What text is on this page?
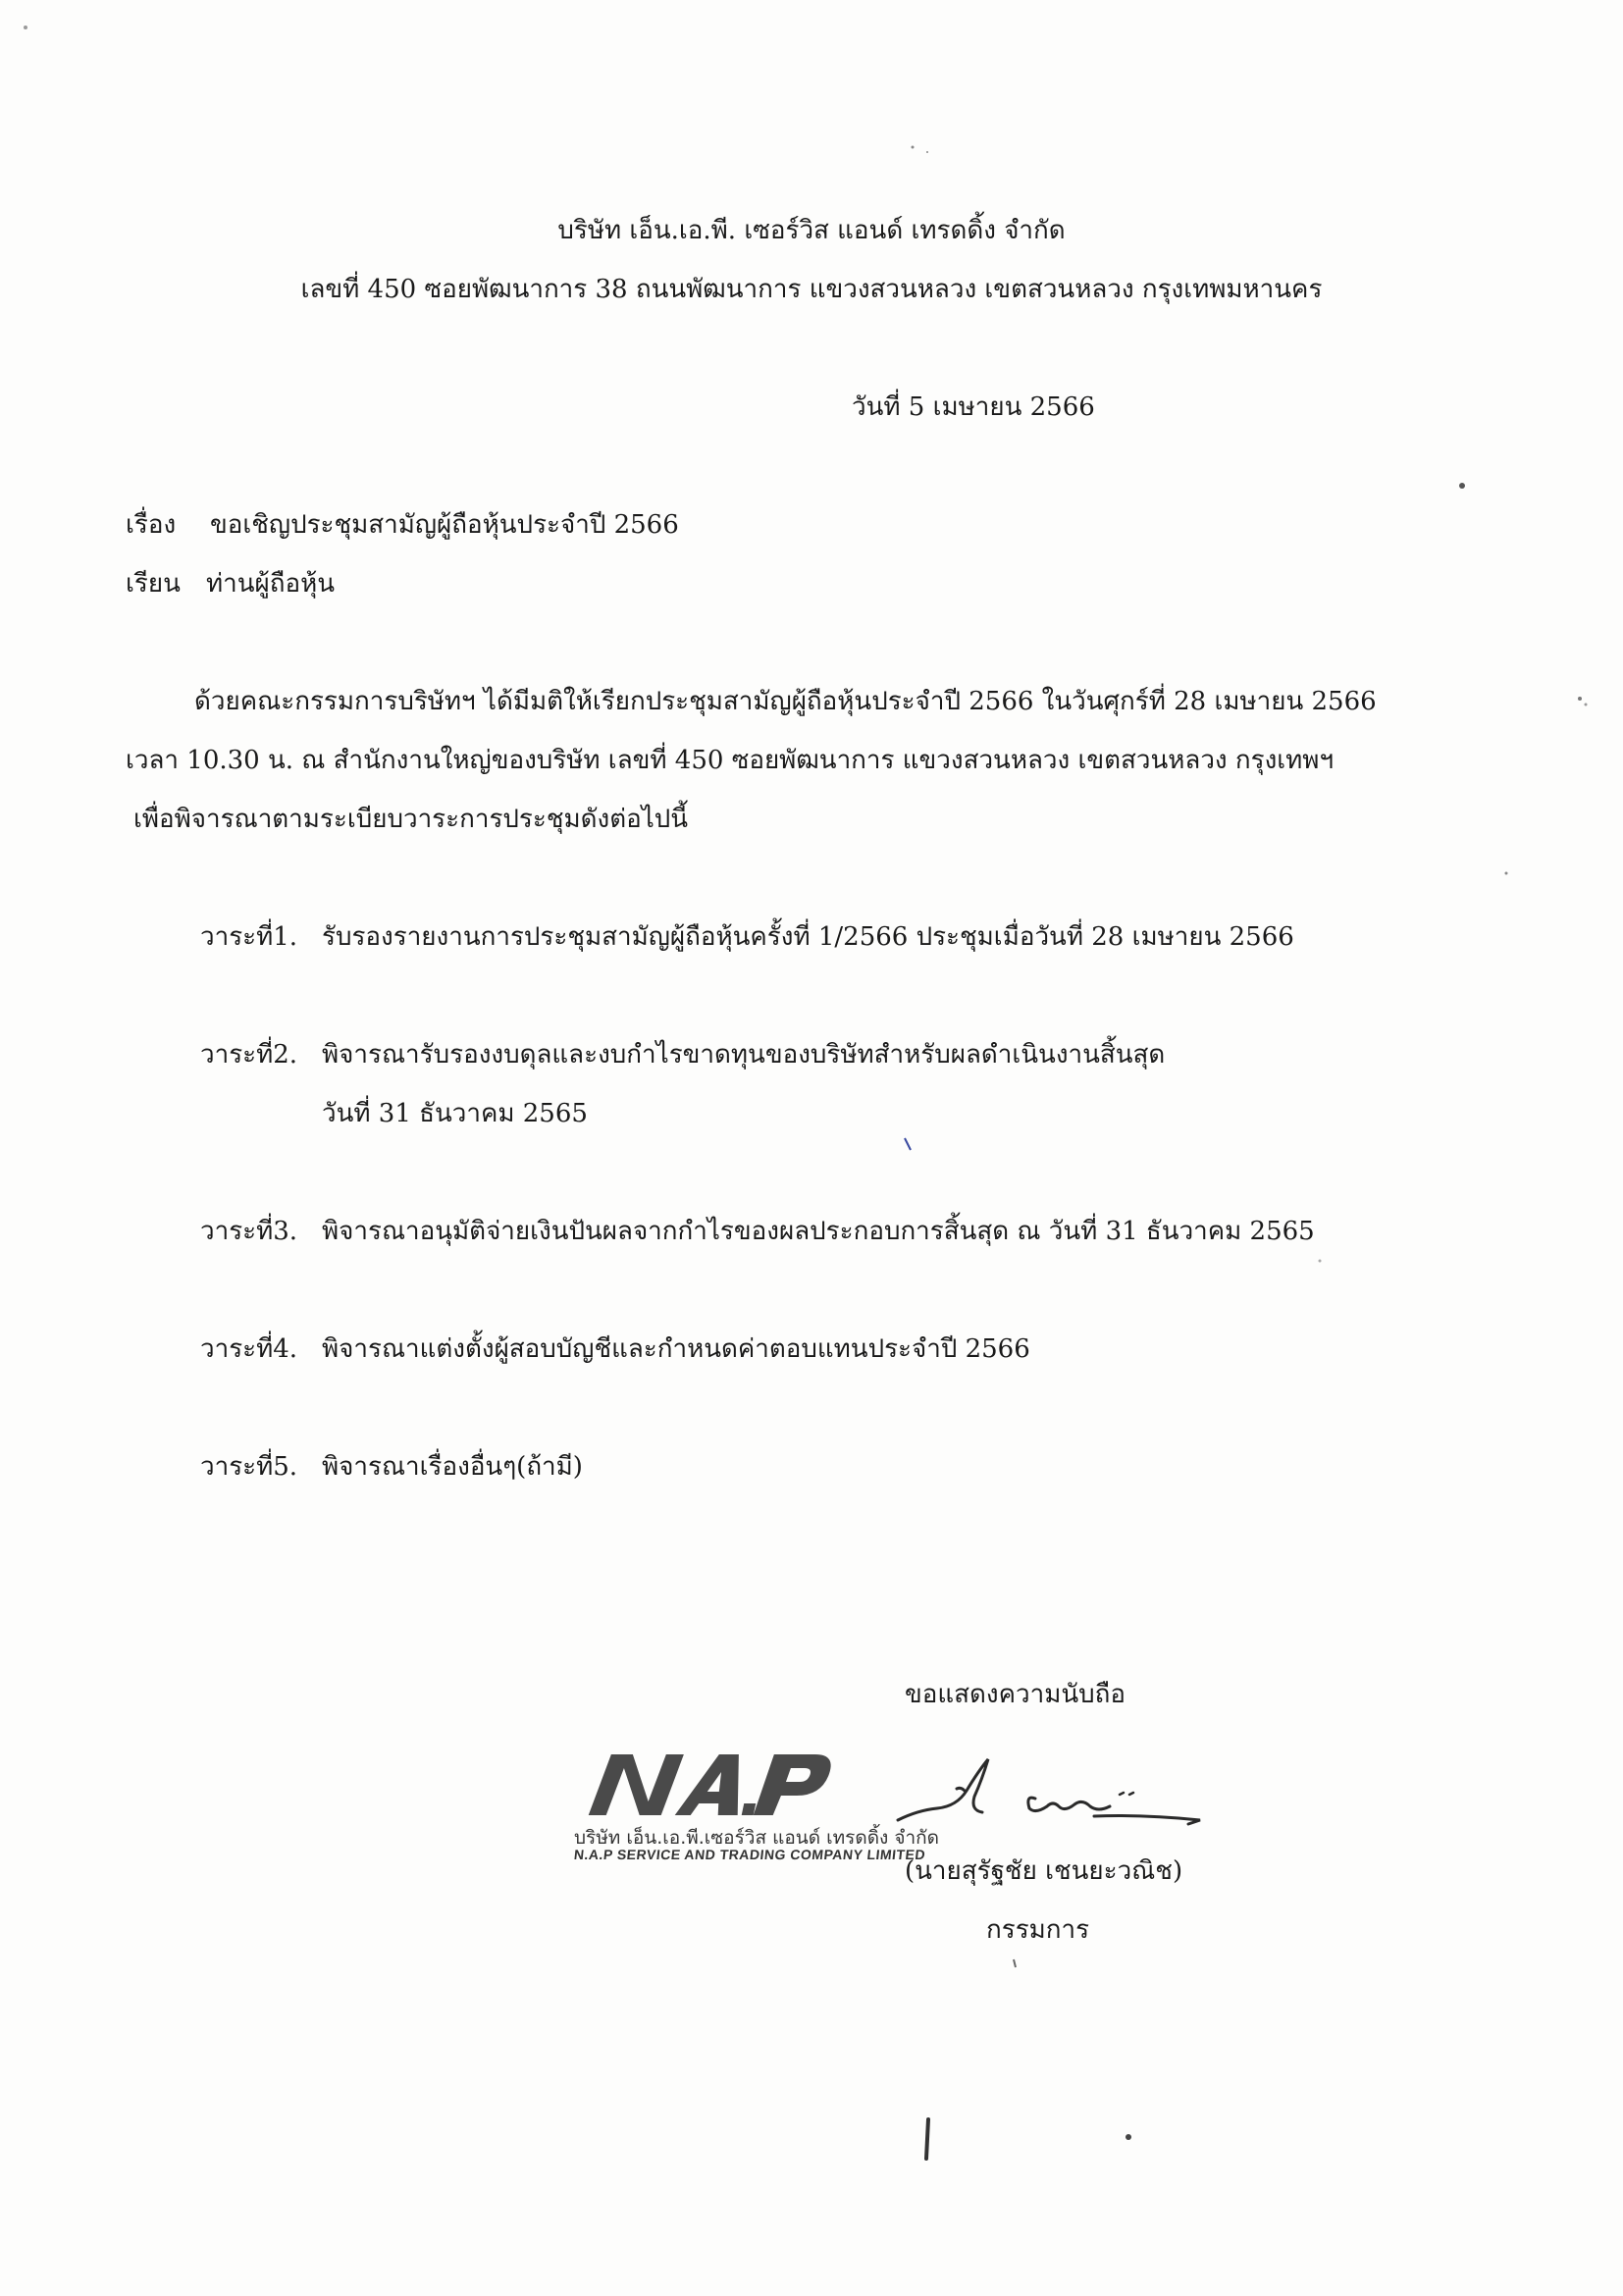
บริษัท เอ็น.เอ.พี. เซอร์วิส แอนด์ เทรดดิ้ง จำกัด
เลขที่ 450 ซอยพัฒนาการ 38 ถนนพัฒนาการ แขวงสวนหลวง เขตสวนหลวง กรุงเทพมหานคร
วันที่ 5 เมษายน 2566
เรื่อง ขอเชิญประชุมสามัญผู้ถือหุ้นประจำปี 2566
เรียน ท่านผู้ถือหุ้น
ด้วยคณะกรรมการบริษัทฯ ได้มีมติให้เรียกประชุมสามัญผู้ถือหุ้นประจำปี 2566 ในวันศุกร์ที่ 28 เมษายน 2566
เวลา 10.30 น. ณ สำนักงานใหญ่ของบริษัท เลขที่ 450 ซอยพัฒนาการ แขวงสวนหลวง เขตสวนหลวง กรุงเทพฯ
เพื่อพิจารณาตามระเบียบวาระการประชุมดังต่อไปนี้
วาระที่1. รับรองรายงานการประชุมสามัญผู้ถือหุ้นครั้งที่ 1/2566 ประชุมเมื่อวันที่ 28 เมษายน 2566
วาระที่2. พิจารณารับรองงบดุลและงบกำไรขาดทุนของบริษัทสำหรับผลดำเนินงานสิ้นสุด
วันที่ 31 ธันวาคม 2565
วาระที่3. พิจารณาอนุมัติจ่ายเงินปันผลจากกำไรของผลประกอบการสิ้นสุด ณ วันที่ 31 ธันวาคม 2565
วาระที่4. พิจารณาแต่งตั้งผู้สอบบัญชีและกำหนดค่าตอบแทนประจำปี 2566
วาระที่5. พิจารณาเรื่องอื่นๆ(ถ้ามี)
ขอแสดงความนับถือ
บริษัท เอ็น.เอ.พี.เซอร์วิส แอนด์ เทรดดิ้ง จำกัด
N.A.P SERVICE AND TRADING COMPANY LIMITED
(นายสุรัฐชัย เชนยะวณิช)
กรรมการ
